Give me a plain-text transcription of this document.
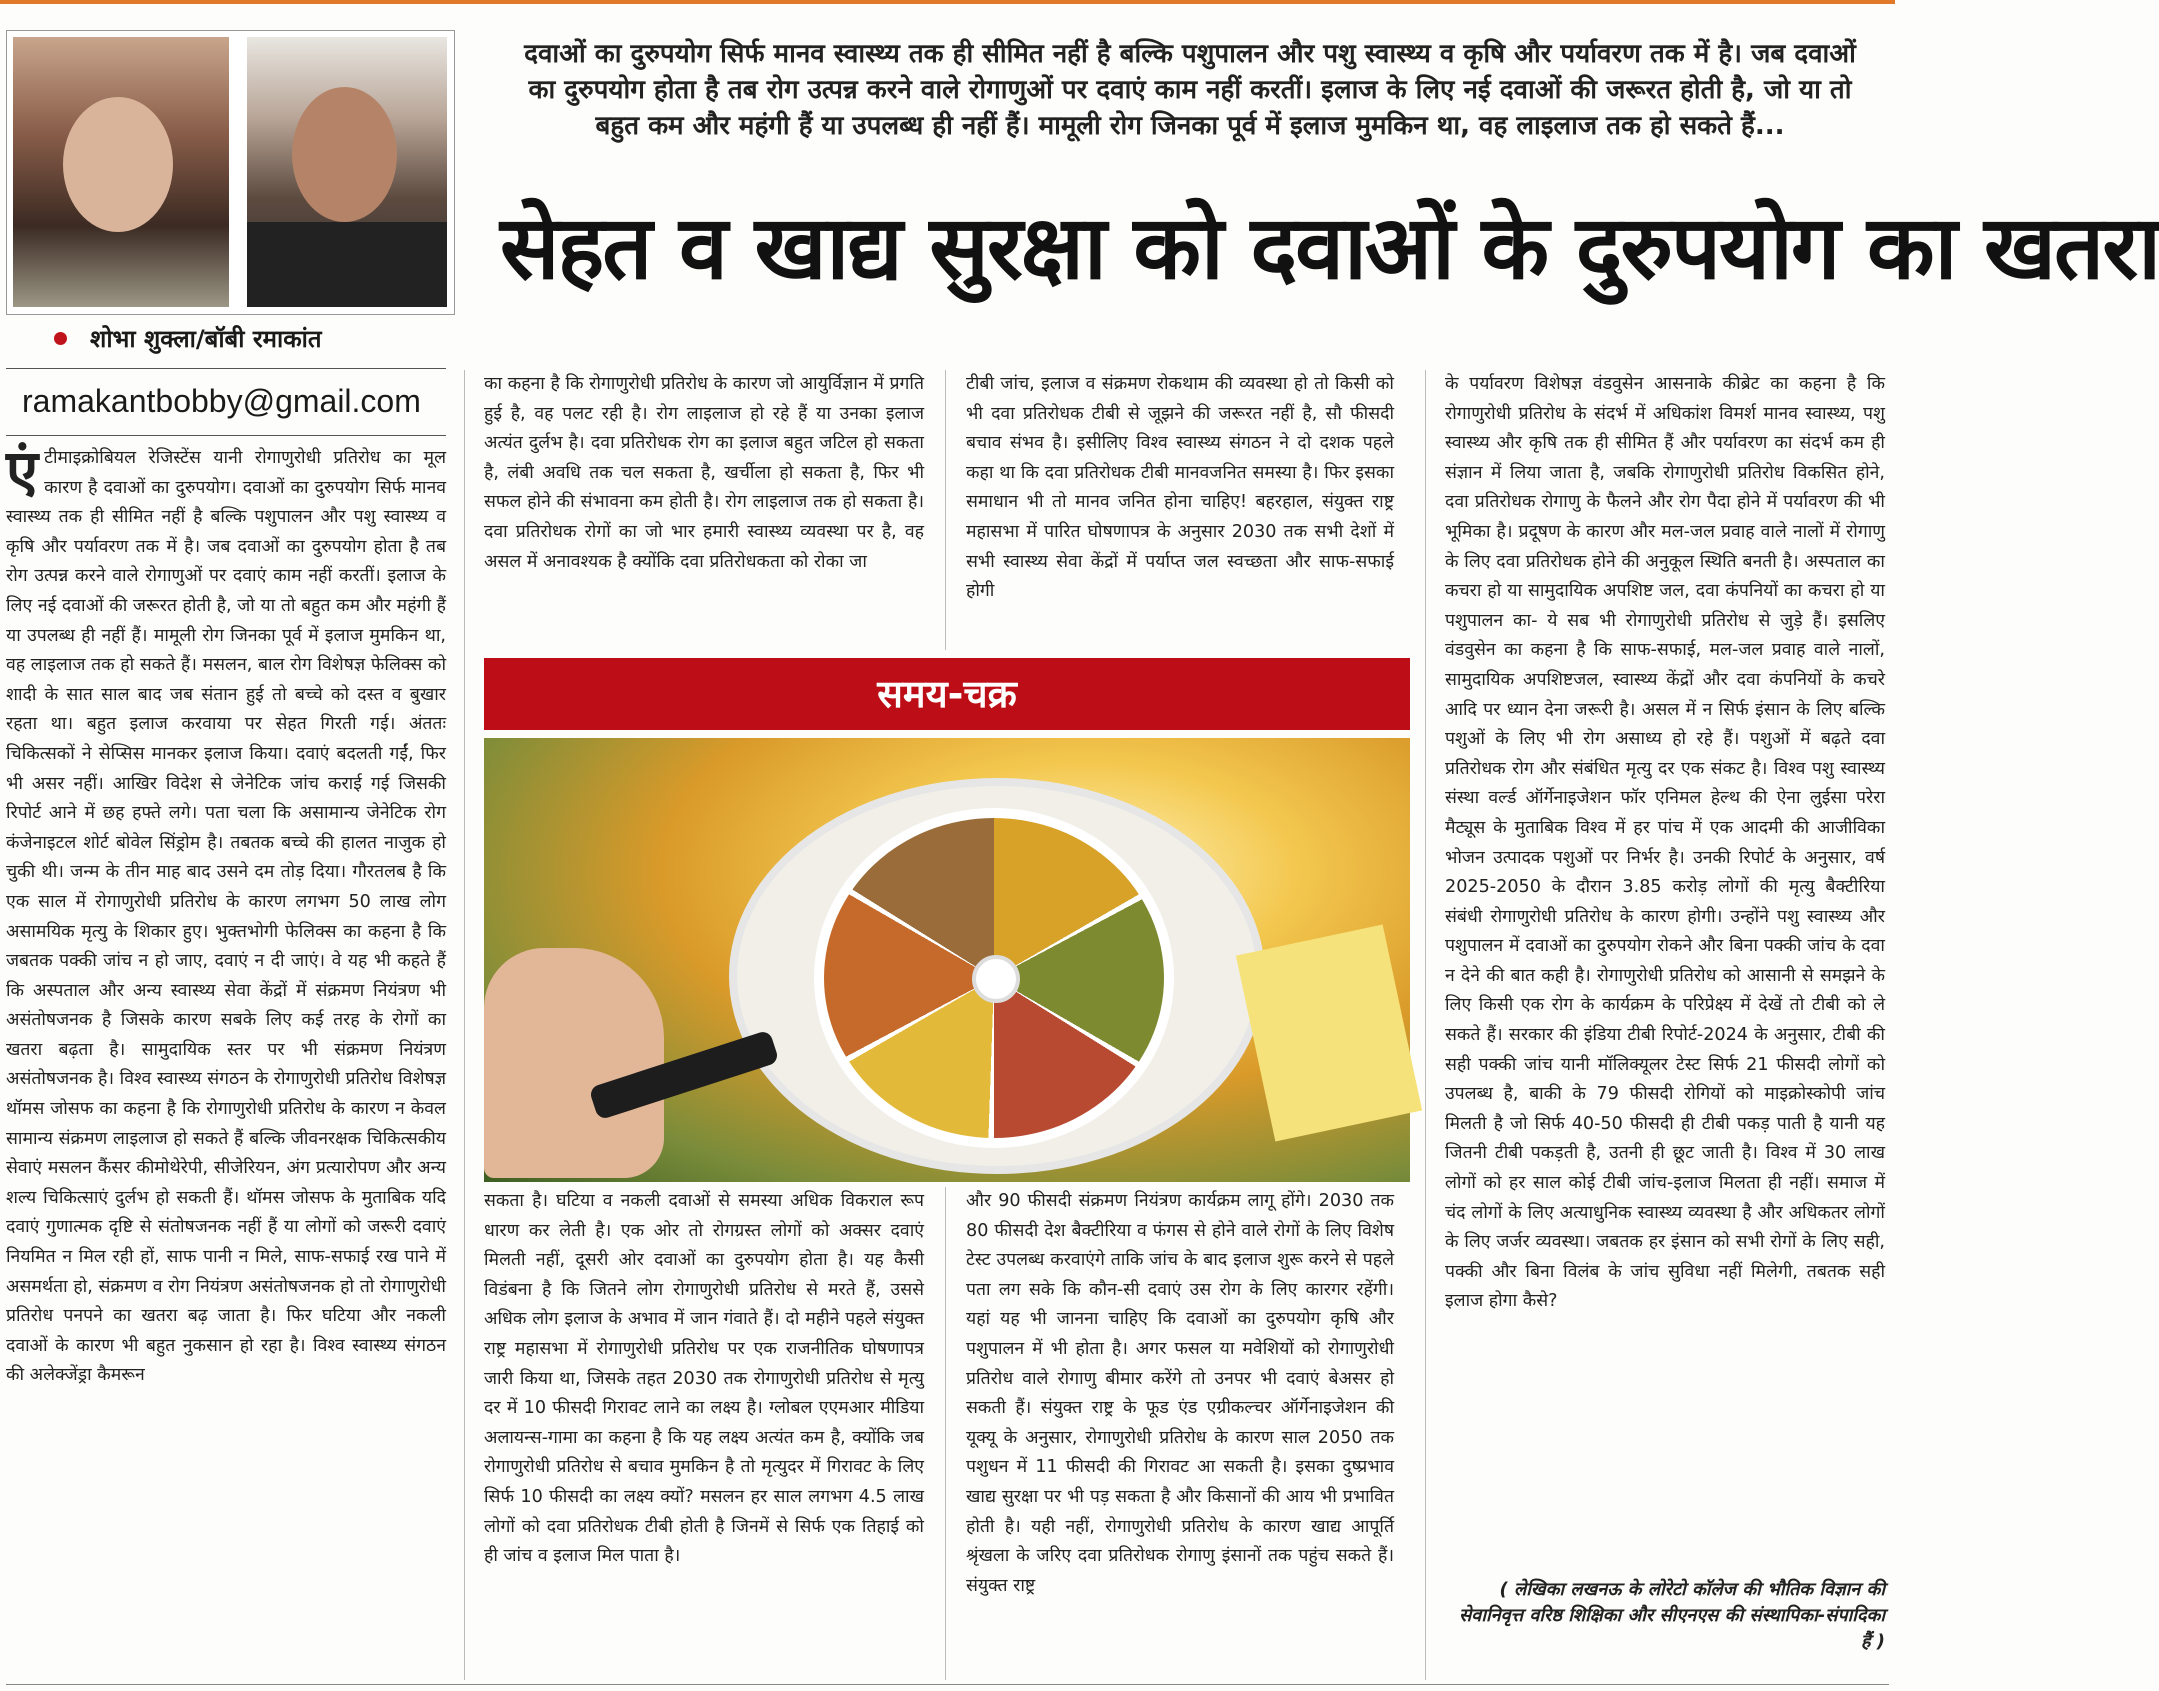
शोभा शुक्ला/बॉबी रमाकांत
ramakantbobby@gmail.com
दवाओं का दुरुपयोग सिर्फ मानव स्वास्थ्य तक ही सीमित नहीं है बल्कि पशुपालन और पशु स्वास्थ्य व कृषि और पर्यावरण तक में है। जब दवाओं का दुरुपयोग होता है तब रोग उत्पन्न करने वाले रोगाणुओं पर दवाएं काम नहीं करतीं। इलाज के लिए नई दवाओं की जरूरत होती है, जो या तो बहुत कम और महंगी हैं या उपलब्ध ही नहीं हैं। मामूली रोग जिनका पूर्व में इलाज मुमकिन था, वह लाइलाज तक हो सकते हैं...
सेहत व खाद्य सुरक्षा को दवाओं के दुरुपयोग का खतरा
एंटीमाइक्रोबियल रेजिस्टेंस यानी रोगाणुरोधी प्रतिरोध का मूल कारण है दवाओं का दुरुपयोग। दवाओं का दुरुपयोग सिर्फ मानव स्वास्थ्य तक ही सीमित नहीं है बल्कि पशुपालन और पशु स्वास्थ्य व कृषि और पर्यावरण तक में है। जब दवाओं का दुरुपयोग होता है तब रोग उत्पन्न करने वाले रोगाणुओं पर दवाएं काम नहीं करतीं। इलाज के लिए नई दवाओं की जरूरत होती है, जो या तो बहुत कम और महंगी हैं या उपलब्ध ही नहीं हैं। मामूली रोग जिनका पूर्व में इलाज मुमकिन था, वह लाइलाज तक हो सकते हैं। मसलन, बाल रोग विशेषज्ञ फेलिक्स को शादी के सात साल बाद जब संतान हुई तो बच्चे को दस्त व बुखार रहता था। बहुत इलाज करवाया पर सेहत गिरती गई। अंततः चिकित्सकों ने सेप्सिस मानकर इलाज किया। दवाएं बदलती गईं, फिर भी असर नहीं। आखिर विदेश से जेनेटिक जांच कराई गई जिसकी रिपोर्ट आने में छह हफ्ते लगे। पता चला कि असामान्य जेनेटिक रोग कंजेनाइटल शोर्ट बोवेल सिंड्रोम है। तबतक बच्चे की हालत नाजुक हो चुकी थी। जन्म के तीन माह बाद उसने दम तोड़ दिया। गौरतलब है कि एक साल में रोगाणुरोधी प्रतिरोध के कारण लगभग 50 लाख लोग असामयिक मृत्यु के शिकार हुए। भुक्तभोगी फेलिक्स का कहना है कि जबतक पक्की जांच न हो जाए, दवाएं न दी जाएं। वे यह भी कहते हैं कि अस्पताल और अन्य स्वास्थ्य सेवा केंद्रों में संक्रमण नियंत्रण भी असंतोषजनक है जिसके कारण सबके लिए कई तरह के रोगों का खतरा बढ़ता है। सामुदायिक स्तर पर भी संक्रमण नियंत्रण असंतोषजनक है। विश्व स्वास्थ्य संगठन के रोगाणुरोधी प्रतिरोध विशेषज्ञ थॉमस जोसफ का कहना है कि रोगाणुरोधी प्रतिरोध के कारण न केवल सामान्य संक्रमण लाइलाज हो सकते हैं बल्कि जीवनरक्षक चिकित्सकीय सेवाएं मसलन कैंसर कीमोथेरेपी, सीजेरियन, अंग प्रत्यारोपण और अन्य शल्य चिकित्साएं दुर्लभ हो सकती हैं। थॉमस जोसफ के मुताबिक यदि दवाएं गुणात्मक दृष्टि से संतोषजनक नहीं हैं या लोगों को जरूरी दवाएं नियमित न मिल रही हों, साफ पानी न मिले, साफ-सफाई रख पाने में असमर्थता हो, संक्रमण व रोग नियंत्रण असंतोषजनक हो तो रोगाणुरोधी प्रतिरोध पनपने का खतरा बढ़ जाता है। फिर घटिया और नकली दवाओं के कारण भी बहुत नुकसान हो रहा है। विश्व स्वास्थ्य संगठन की अलेक्जेंड्रा कैमरून
का कहना है कि रोगाणुरोधी प्रतिरोध के कारण जो आयुर्विज्ञान में प्रगति हुई है, वह पलट रही है। रोग लाइलाज हो रहे हैं या उनका इलाज अत्यंत दुर्लभ है। दवा प्रतिरोधक रोग का इलाज बहुत जटिल हो सकता है, लंबी अवधि तक चल सकता है, खर्चीला हो सकता है, फिर भी सफल होने की संभावना कम होती है। रोग लाइलाज तक हो सकता है। दवा प्रतिरोधक रोगों का जो भार हमारी स्वास्थ्य व्यवस्था पर है, वह असल में अनावश्यक है क्योंकि दवा प्रतिरोधकता को रोका जा
टीबी जांच, इलाज व संक्रमण रोकथाम की व्यवस्था हो तो किसी को भी दवा प्रतिरोधक टीबी से जूझने की जरूरत नहीं है, सौ फीसदी बचाव संभव है। इसीलिए विश्व स्वास्थ्य संगठन ने दो दशक पहले कहा था कि दवा प्रतिरोधक टीबी मानवजनित समस्या है। फिर इसका समाधान भी तो मानव जनित होना चाहिए! बहरहाल, संयुक्त राष्ट्र महासभा में पारित घोषणापत्र के अनुसार 2030 तक सभी देशों में सभी स्वास्थ्य सेवा केंद्रों में पर्याप्त जल स्वच्छता और साफ-सफाई होगी
समय-चक्र
सकता है। घटिया व नकली दवाओं से समस्या अधिक विकराल रूप धारण कर लेती है। एक ओर तो रोगग्रस्त लोगों को अक्सर दवाएं मिलती नहीं, दूसरी ओर दवाओं का दुरुपयोग होता है। यह कैसी विडंबना है कि जितने लोग रोगाणुरोधी प्रतिरोध से मरते हैं, उससे अधिक लोग इलाज के अभाव में जान गंवाते हैं। दो महीने पहले संयुक्त राष्ट्र महासभा में रोगाणुरोधी प्रतिरोध पर एक राजनीतिक घोषणापत्र जारी किया था, जिसके तहत 2030 तक रोगाणुरोधी प्रतिरोध से मृत्यु दर में 10 फीसदी गिरावट लाने का लक्ष्य है। ग्लोबल एएमआर मीडिया अलायन्स-गामा का कहना है कि यह लक्ष्य अत्यंत कम है, क्योंकि जब रोगाणुरोधी प्रतिरोध से बचाव मुमकिन है तो मृत्युदर में गिरावट के लिए सिर्फ 10 फीसदी का लक्ष्य क्यों? मसलन हर साल लगभग 4.5 लाख लोगों को दवा प्रतिरोधक टीबी होती है जिनमें से सिर्फ एक तिहाई को ही जांच व इलाज मिल पाता है।
और 90 फीसदी संक्रमण नियंत्रण कार्यक्रम लागू होंगे। 2030 तक 80 फीसदी देश बैक्टीरिया व फंगस से होने वाले रोगों के लिए विशेष टेस्ट उपलब्ध करवाएंगे ताकि जांच के बाद इलाज शुरू करने से पहले पता लग सके कि कौन-सी दवाएं उस रोग के लिए कारगर रहेंगी। यहां यह भी जानना चाहिए कि दवाओं का दुरुपयोग कृषि और पशुपालन में भी होता है। अगर फसल या मवेशियों को रोगाणुरोधी प्रतिरोध वाले रोगाणु बीमार करेंगे तो उनपर भी दवाएं बेअसर हो सकती हैं। संयुक्त राष्ट्र के फूड एंड एग्रीकल्चर ऑर्गेनाइजेशन की यूक्यू के अनुसार, रोगाणुरोधी प्रतिरोध के कारण साल 2050 तक पशुधन में 11 फीसदी की गिरावट आ सकती है। इसका दुष्प्रभाव खाद्य सुरक्षा पर भी पड़ सकता है और किसानों की आय भी प्रभावित होती है। यही नहीं, रोगाणुरोधी प्रतिरोध के कारण खाद्य आपूर्ति श्रृंखला के जरिए दवा प्रतिरोधक रोगाणु इंसानों तक पहुंच सकते हैं। संयुक्त राष्ट्र
के पर्यावरण विशेषज्ञ वंडवुसेन आसनाके कीब्रेट का कहना है कि रोगाणुरोधी प्रतिरोध के संदर्भ में अधिकांश विमर्श मानव स्वास्थ्य, पशु स्वास्थ्य और कृषि तक ही सीमित हैं और पर्यावरण का संदर्भ कम ही संज्ञान में लिया जाता है, जबकि रोगाणुरोधी प्रतिरोध विकसित होने, दवा प्रतिरोधक रोगाणु के फैलने और रोग पैदा होने में पर्यावरण की भी भूमिका है। प्रदूषण के कारण और मल-जल प्रवाह वाले नालों में रोगाणु के लिए दवा प्रतिरोधक होने की अनुकूल स्थिति बनती है। अस्पताल का कचरा हो या सामुदायिक अपशिष्ट जल, दवा कंपनियों का कचरा हो या पशुपालन का- ये सब भी रोगाणुरोधी प्रतिरोध से जुड़े हैं। इसलिए वंडवुसेन का कहना है कि साफ-सफाई, मल-जल प्रवाह वाले नालों, सामुदायिक अपशिष्टजल, स्वास्थ्य केंद्रों और दवा कंपनियों के कचरे आदि पर ध्यान देना जरूरी है। असल में न सिर्फ इंसान के लिए बल्कि पशुओं के लिए भी रोग असाध्य हो रहे हैं। पशुओं में बढ़ते दवा प्रतिरोधक रोग और संबंधित मृत्यु दर एक संकट है। विश्व पशु स्वास्थ्य संस्था वर्ल्ड ऑर्गेनाइजेशन फॉर एनिमल हेल्थ की ऐना लुईसा परेरा मैट्यूस के मुताबिक विश्व में हर पांच में एक आदमी की आजीविका भोजन उत्पादक पशुओं पर निर्भर है। उनकी रिपोर्ट के अनुसार, वर्ष 2025-2050 के दौरान 3.85 करोड़ लोगों की मृत्यु बैक्टीरिया संबंधी रोगाणुरोधी प्रतिरोध के कारण होगी। उन्होंने पशु स्वास्थ्य और पशुपालन में दवाओं का दुरुपयोग रोकने और बिना पक्की जांच के दवा न देने की बात कही है। रोगाणुरोधी प्रतिरोध को आसानी से समझने के लिए किसी एक रोग के कार्यक्रम के परिप्रेक्ष्य में देखें तो टीबी को ले सकते हैं। सरकार की इंडिया टीबी रिपोर्ट-2024 के अनुसार, टीबी की सही पक्की जांच यानी मॉलिक्यूलर टेस्ट सिर्फ 21 फीसदी लोगों को उपलब्ध है, बाकी के 79 फीसदी रोगियों को माइक्रोस्कोपी जांच मिलती है जो सिर्फ 40-50 फीसदी ही टीबी पकड़ पाती है यानी यह जितनी टीबी पकड़ती है, उतनी ही छूट जाती है। विश्व में 30 लाख लोगों को हर साल कोई टीबी जांच-इलाज मिलता ही नहीं। समाज में चंद लोगों के लिए अत्याधुनिक स्वास्थ्य व्यवस्था है और अधिकतर लोगों के लिए जर्जर व्यवस्था। जबतक हर इंसान को सभी रोगों के लिए सही, पक्की और बिना विलंब के जांच सुविधा नहीं मिलेगी, तबतक सही इलाज होगा कैसे?
( लेखिका लखनऊ के लोरेटो कॉलेज की भौतिक विज्ञान की सेवानिवृत्त वरिष्ठ शिक्षिका और सीएनएस की संस्थापिका-संपादिका हैं )
